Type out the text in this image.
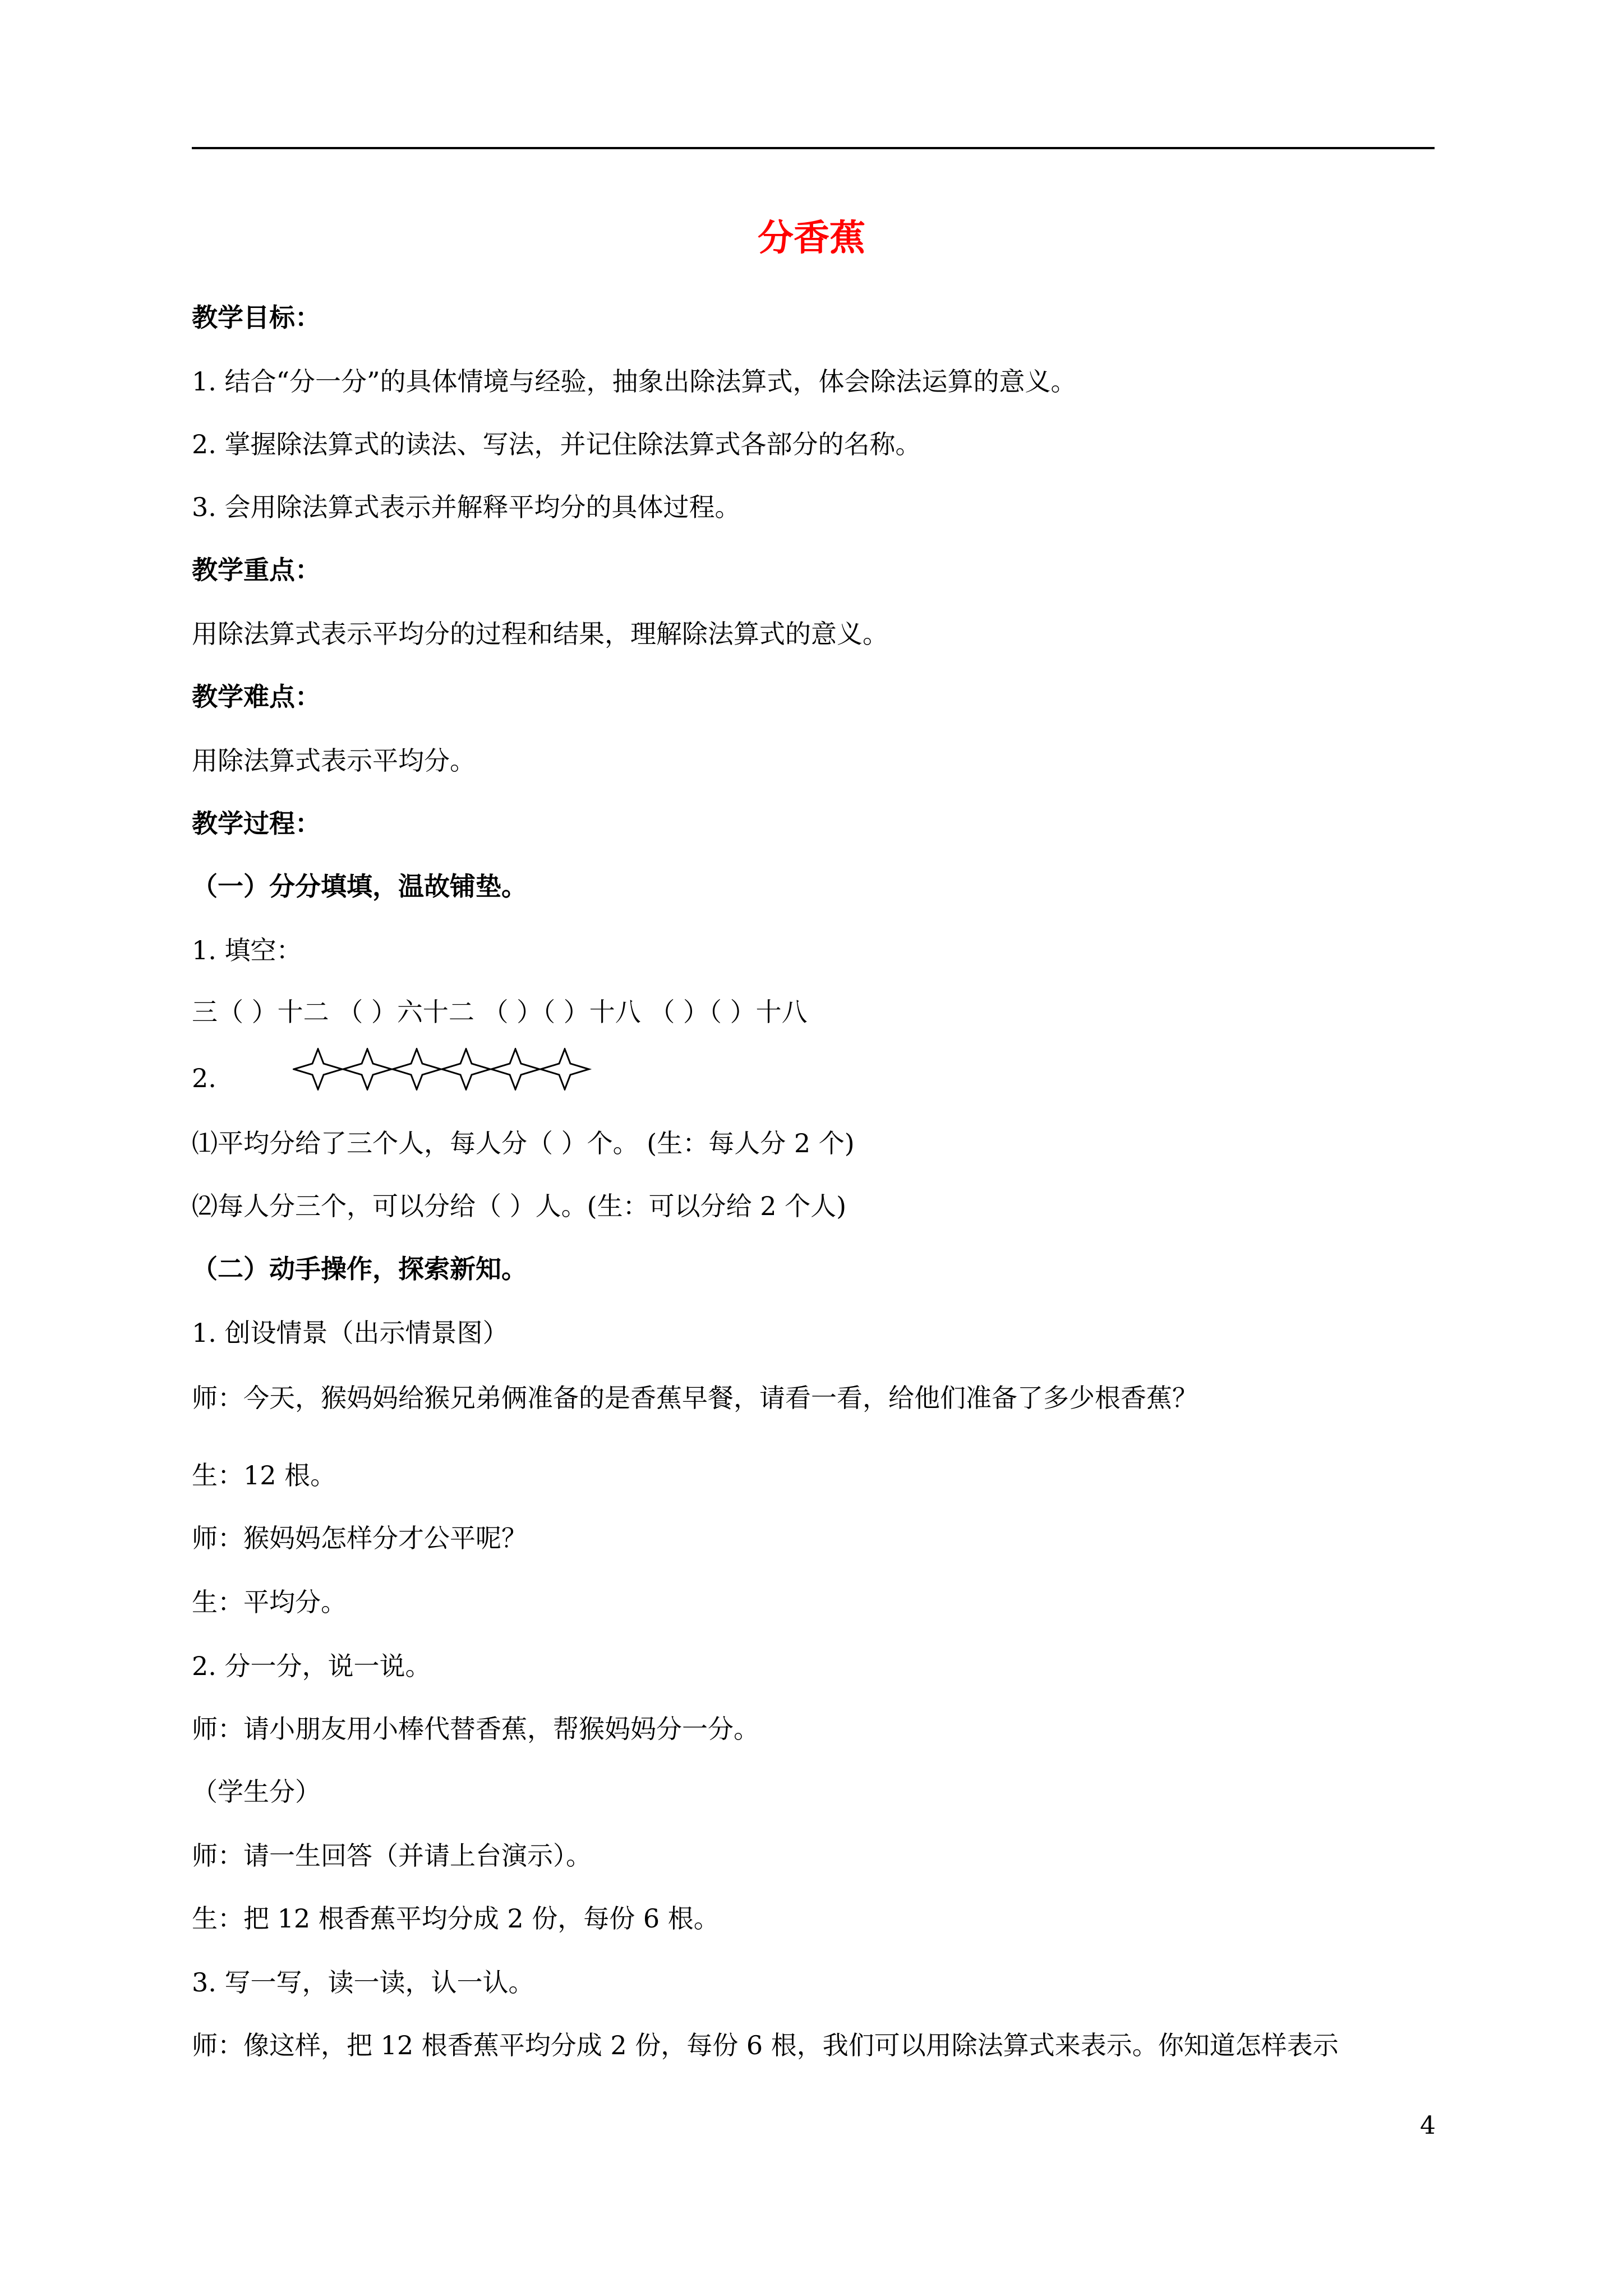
分香蕉
教学目标：
1. 结合“分一分”的具体情境与经验，抽象出除法算式，体会除法运算的意义。
2. 掌握除法算式的读法、写法，并记住除法算式各部分的名称。
3. 会用除法算式表示并解释平均分的具体过程。
教学重点：
用除法算式表示平均分的过程和结果，理解除法算式的意义。
教学难点：
用除法算式表示平均分。
教学过程：
（一）分分填填，温故铺垫。
1. 填空：
三（ ）十二 （ ）六十二 （ ）（ ）十八 （ ）（ ）十八
2.
⑴平均分给了三个人，每人分（ ）个。 (生：每人分 2 个)
⑵每人分三个，可以分给（ ）人。(生：可以分给 2 个人)
（二）动手操作，探索新知。
1. 创设情景（出示情景图）
师：今天，猴妈妈给猴兄弟俩准备的是香蕉早餐，请看一看，给他们准备了多少根香蕉？
生：12 根。
师：猴妈妈怎样分才公平呢？
生：平均分。
2. 分一分，说一说。
师：请小朋友用小棒代替香蕉，帮猴妈妈分一分。
（学生分）
师：请一生回答（并请上台演示）。
生：把 12 根香蕉平均分成 2 份，每份 6 根。
3. 写一写，读一读，认一认。
师：像这样，把 12 根香蕉平均分成 2 份，每份 6 根，我们可以用除法算式来表示。你知道怎样表示
4
